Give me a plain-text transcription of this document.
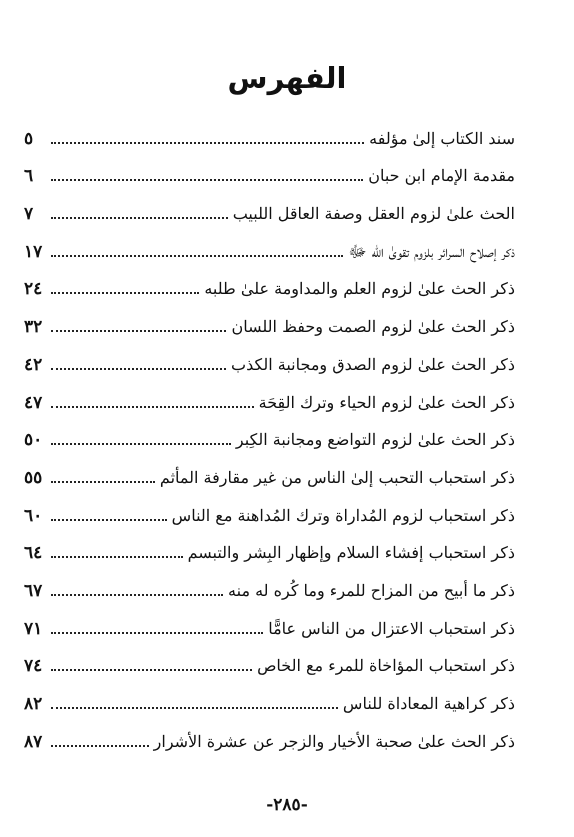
الفهرس
سند الكتاب إلىٰ مؤلفه
٥
مقدمة الإمام ابن حبان
٦
الحث علىٰ لزوم العقل وصفة العاقل اللبيب
٧
ذكر إصلاح السرائر بلزوم تقوىٰ الله ﷻ
١٧
ذكر الحث علىٰ لزوم العلم والمداومة علىٰ طلبه
٢٤
ذكر الحث علىٰ لزوم الصمت وحفظ اللسان
٣٢
ذكر الحث علىٰ لزوم الصدق ومجانبة الكذب
٤٢
ذكر الحث علىٰ لزوم الحياء وترك القِحَة
٤٧
ذكر الحث علىٰ لزوم التواضع ومجانبة الكِبر
٥٠
ذكر استحباب التحبب إلىٰ الناس من غير مقارفة المأثم
٥٥
ذكر استحباب لزوم المُداراة وترك المُداهنة مع الناس
٦٠
ذكر استحباب إفشاء السلام وإظهار البِشر والتبسم
٦٤
ذكر ما أبيح من المزاح للمرء وما كُره له منه
٦٧
ذكر استحباب الاعتزال من الناس عامًّا
٧١
ذكر استحباب المؤاخاة للمرء مع الخاص
٧٤
ذكر كراهية المعاداة للناس
٨٢
ذكر الحث علىٰ صحبة الأخيار والزجر عن عشرة الأشرار
٨٧
-٢٨٥-
